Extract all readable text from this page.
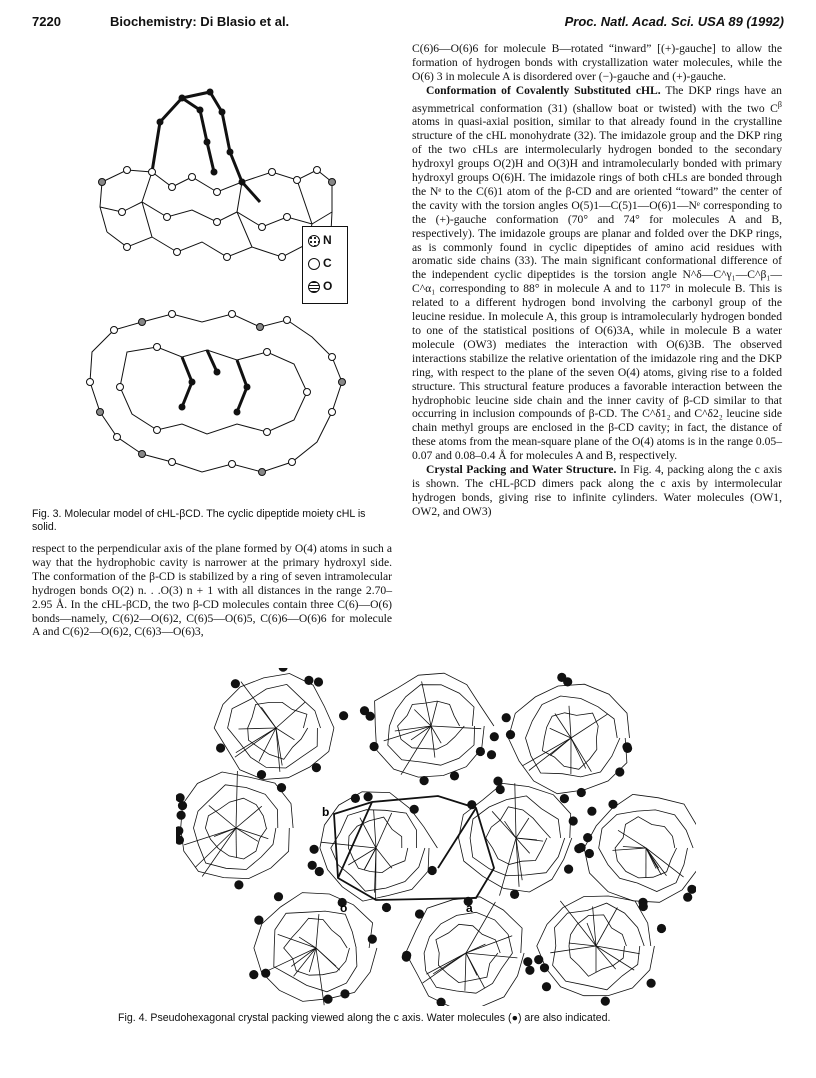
7220	Biochemistry: Di Blasio et al.	Proc. Natl. Acad. Sci. USA 89 (1992)
N
C
O
Fig. 3. Molecular model of cHL-βCD. The cyclic dipeptide moiety cHL is solid.

respect to the perpendicular axis of the plane formed by O(4) atoms in such a way that the hydrophobic cavity is narrower at the primary hydroxyl side. The conformation of the β-CD is stabilized by a ring of seven intramolecular hydrogen bonds O(2) n. . .O(3) n + 1 with all distances in the range 2.70–2.95 Å. In the cHL-βCD, the two β-CD molecules contain three C(6)—O(6) bonds—namely, C(6)2—O(6)2, C(6)5—O(6)5, C(6)6—O(6)6 for molecule A and C(6)2—O(6)2, C(6)3—O(6)3,

C(6)6—O(6)6 for molecule B—rotated “inward” [(+)-gauche] to allow the formation of hydrogen bonds with crystallization water molecules, while the O(6) 3 in molecule A is disordered over (−)-gauche and (+)-gauche.

Conformation of Covalently Substituted cHL. The DKP rings have an asymmetrical conformation (31) (shallow boat or twisted) with the two $C^\beta$ atoms in quasi-axial position, similar to that already found in the crystalline structure of the cHL monohydrate (32). The imidazole group and the DKP ring of the two cHLs are intermolecularly hydrogen bonded to the secondary hydroxyl groups O(2)H and O(3)H and intramolecularly bonded with primary hydroxyl groups O(6)H. The imidazole rings of both cHLs are bonded through the Nᵉ to the C(6)1 atom of the β-CD and are oriented “toward” the center of the cavity with the torsion angles O(5)1—C(5)1—O(6)1—Nᵉ corresponding to the (+)-gauche conformation (70° and 74° for molecules A and B, respectively). The imidazole groups are planar and folded over the DKP rings, as is commonly found in cyclic dipeptides of amino acid residues with aromatic side chains (33). The main significant conformational difference of the independent cyclic dipeptides is the torsion angle N^δ—C^γ₁—C^β₁—C^α₁ corresponding to 88° in molecule A and to 117° in molecule B. This is related to a different hydrogen bond involving the carbonyl group of the leucine residue. In molecule A, this group is intramolecularly hydrogen bonded to one of the statistical positions of O(6)3A, while in molecule B a water molecule (OW3) mediates the interaction with O(6)3B. The observed interactions stabilize the relative orientation of the imidazole ring and the DKP ring, with respect to the plane of the seven O(4) atoms, giving rise to a folded structure. This structural feature produces a favorable interaction between the hydrophobic leucine side chain and the inner cavity of β-CD similar to that occurring in inclusion compounds of β-CD. The C^δ1₂ and C^δ2₂ leucine side chain methyl groups are enclosed in the β-CD cavity; in fact, the distance of these atoms from the mean-square plane of the O(4) atoms is in the range 0.05–0.07 and 0.08–0.4 Å for molecules A and B, respectively.

Crystal Packing and Water Structure. In Fig. 4, packing along the c axis is shown. The cHL-βCD dimers pack along the c axis by intermolecular hydrogen bonds, giving rise to infinite cylinders. Water molecules (OW1, OW2, and OW3)

b
o	a
Fig. 4. Pseudohexagonal crystal packing viewed along the c axis. Water molecules (●) are also indicated.
